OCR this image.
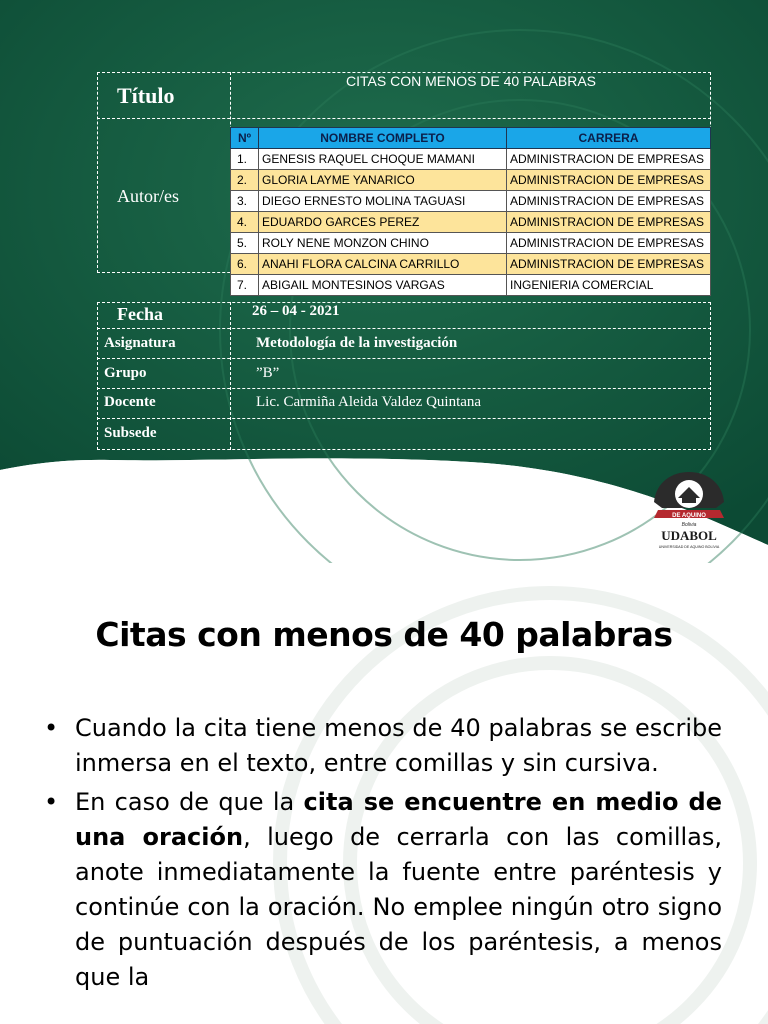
Título
CITAS CON MENOS DE 40 PALABRAS
Autor/es
Nº	NOMBRE COMPLETO	CARRERA
1.	GENESIS RAQUEL CHOQUE MAMANI	ADMINISTRACION DE EMPRESAS
2.	GLORIA LAYME YANARICO	ADMINISTRACION DE EMPRESAS
3.	DIEGO ERNESTO MOLINA TAGUASI	ADMINISTRACION DE EMPRESAS
4.	EDUARDO GARCES PEREZ	ADMINISTRACION DE EMPRESAS
5.	ROLY NENE MONZON CHINO	ADMINISTRACION DE EMPRESAS
6.	ANAHI FLORA CALCINA CARRILLO	ADMINISTRACION DE EMPRESAS
7.	ABIGAIL MONTESINOS VARGAS	INGENIERIA COMERCIAL
Fecha	26 – 04 - 2021
Asignatura	Metodología de la investigación
Grupo	”B”
Docente	Lic. Carmiña Aleida Valdez Quintana
Subsede
DE AQUINO
Bolivia
UDABOL
UNIVERSIDAD DE AQUINO BOLIVIA
Citas con menos de 40 palabras
• Cuando la cita tiene menos de 40 palabras se escribe inmersa en el texto, entre comillas y sin cursiva.
• En caso de que la cita se encuentre en medio de una oración, luego de cerrarla con las comillas, anote inmediatamente la fuente entre paréntesis y continúe con la oración. No emplee ningún otro signo de puntuación después de los paréntesis, a menos que la
